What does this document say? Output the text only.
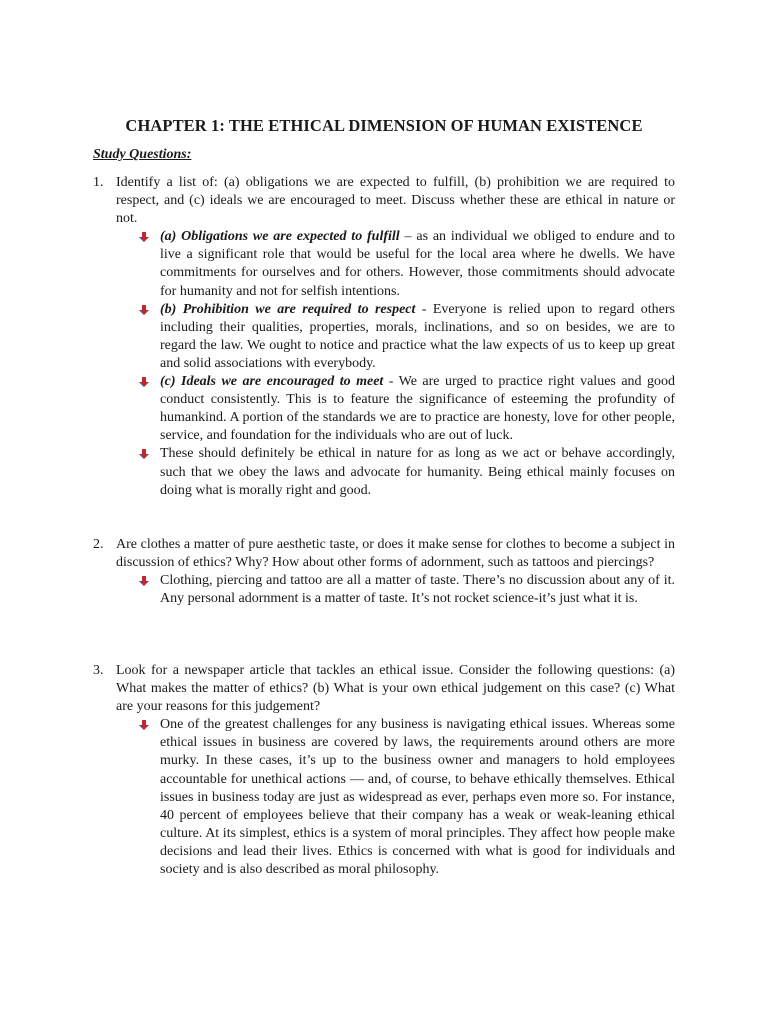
CHAPTER 1: THE ETHICAL DIMENSION OF HUMAN EXISTENCE
Study Questions:
1. Identify a list of: (a) obligations we are expected to fulfill, (b) prohibition we are required to respect, and (c) ideals we are encouraged to meet. Discuss whether these are ethical in nature or not.
(a) Obligations we are expected to fulfill – as an individual we obliged to endure and to live a significant role that would be useful for the local area where he dwells. We have commitments for ourselves and for others. However, those commitments should advocate for humanity and not for selfish intentions.
(b) Prohibition we are required to respect - Everyone is relied upon to regard others including their qualities, properties, morals, inclinations, and so on besides, we are to regard the law. We ought to notice and practice what the law expects of us to keep up great and solid associations with everybody.
(c) Ideals we are encouraged to meet - We are urged to practice right values and good conduct consistently. This is to feature the significance of esteeming the profundity of humankind. A portion of the standards we are to practice are honesty, love for other people, service, and foundation for the individuals who are out of luck.
These should definitely be ethical in nature for as long as we act or behave accordingly, such that we obey the laws and advocate for humanity. Being ethical mainly focuses on doing what is morally right and good.
2. Are clothes a matter of pure aesthetic taste, or does it make sense for clothes to become a subject in discussion of ethics? Why? How about other forms of adornment, such as tattoos and piercings?
Clothing, piercing and tattoo are all a matter of taste. There’s no discussion about any of it. Any personal adornment is a matter of taste. It’s not rocket science-it’s just what it is.
3. Look for a newspaper article that tackles an ethical issue. Consider the following questions: (a) What makes the matter of ethics? (b) What is your own ethical judgement on this case? (c) What are your reasons for this judgement?
One of the greatest challenges for any business is navigating ethical issues. Whereas some ethical issues in business are covered by laws, the requirements around others are more murky. In these cases, it’s up to the business owner and managers to hold employees accountable for unethical actions — and, of course, to behave ethically themselves. Ethical issues in business today are just as widespread as ever, perhaps even more so. For instance, 40 percent of employees believe that their company has a weak or weak-leaning ethical culture. At its simplest, ethics is a system of moral principles. They affect how people make decisions and lead their lives. Ethics is concerned with what is good for individuals and society and is also described as moral philosophy.
